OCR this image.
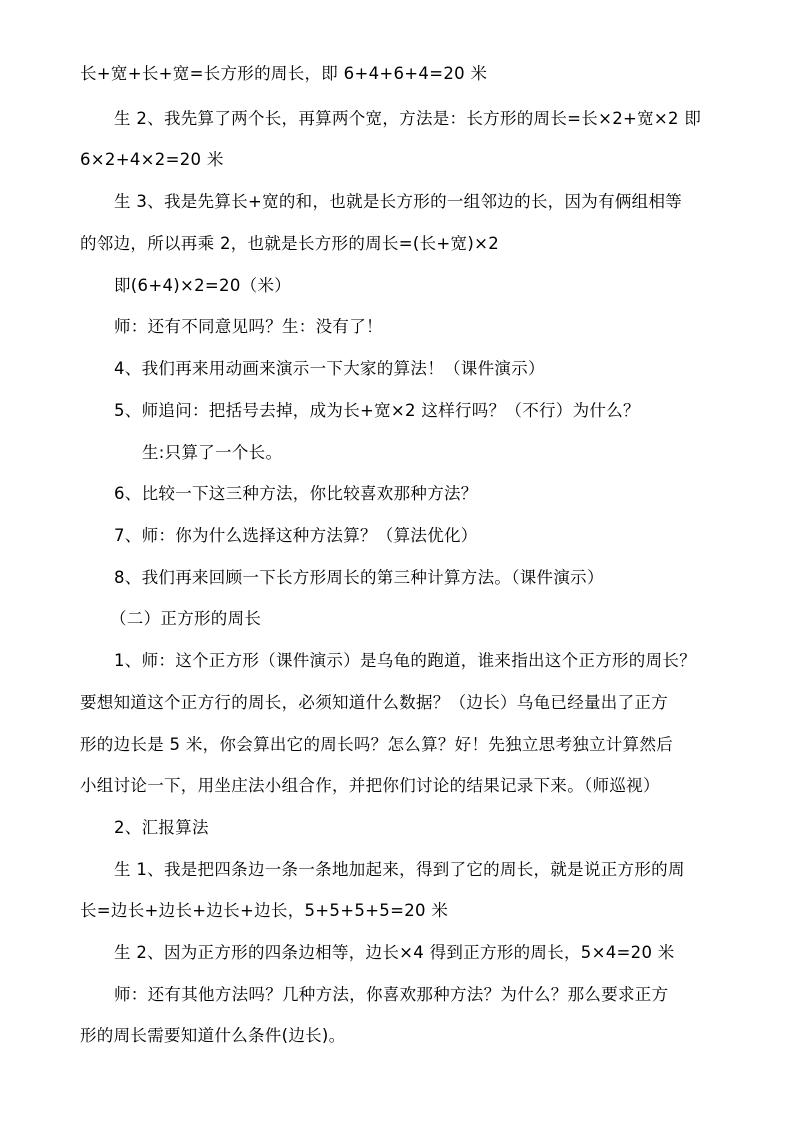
长+宽+长+宽=长方形的周长，即 6+4+6+4=20 米
生 2、我先算了两个长，再算两个宽，方法是：长方形的周长=长×2+宽×2 即
6×2+4×2=20 米
生 3、我是先算长+宽的和，也就是长方形的一组邻边的长，因为有俩组相等
的邻边，所以再乘 2，也就是长方形的周长=(长+宽)×2
即(6+4)×2=20（米）
师：还有不同意见吗？生：没有了！
4、我们再来用动画来演示一下大家的算法！（课件演示）
5、师追问：把括号去掉，成为长+宽×2 这样行吗？（不行）为什么？
生:只算了一个长。
6、比较一下这三种方法，你比较喜欢那种方法？
7、师：你为什么选择这种方法算？（算法优化）
8、我们再来回顾一下长方形周长的第三种计算方法。（课件演示）
（二）正方形的周长
1、师：这个正方形（课件演示）是乌龟的跑道，谁来指出这个正方形的周长？
要想知道这个正方行的周长，必须知道什么数据？（边长）乌龟已经量出了正方
形的边长是 5 米，你会算出它的周长吗？怎么算？好！先独立思考独立计算然后
小组讨论一下，用坐庄法小组合作，并把你们讨论的结果记录下来。（师巡视）
2、汇报算法
生 1、我是把四条边一条一条地加起来，得到了它的周长，就是说正方形的周
长=边长+边长+边长+边长，5+5+5+5=20 米
生 2、因为正方形的四条边相等，边长×4 得到正方形的周长，5×4=20 米
师：还有其他方法吗？几种方法，你喜欢那种方法？为什么？那么要求正方
形的周长需要知道什么条件(边长)。
